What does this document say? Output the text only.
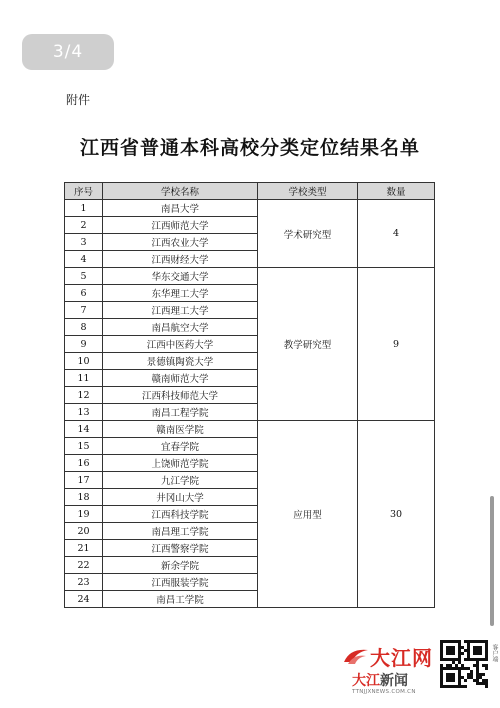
3/4
附件
江西省普通本科高校分类定位结果名单
序号	学校名称	学校类型	数量
1	南昌大学	学术研究型	4
2	江西师范大学		
3	江西农业大学		
4	江西财经大学		
5	华东交通大学	教学研究型	9
6	东华理工大学		
7	江西理工大学		
8	南昌航空大学		
9	江西中医药大学		
10	景德镇陶瓷大学		
11	赣南师范大学		
12	江西科技师范大学		
13	南昌工程学院		
14	赣南医学院	应用型	30
15	宜春学院		
16	上饶师范学院		
17	九江学院		
18	井冈山大学		
19	江西科技学院		
20	南昌理工学院		
21	江西警察学院		
22	新余学院		
23	江西服装学院		
24	南昌工学院		
大江网
大江新闻
TTNJJXNEWS.COM.CN
客户端
